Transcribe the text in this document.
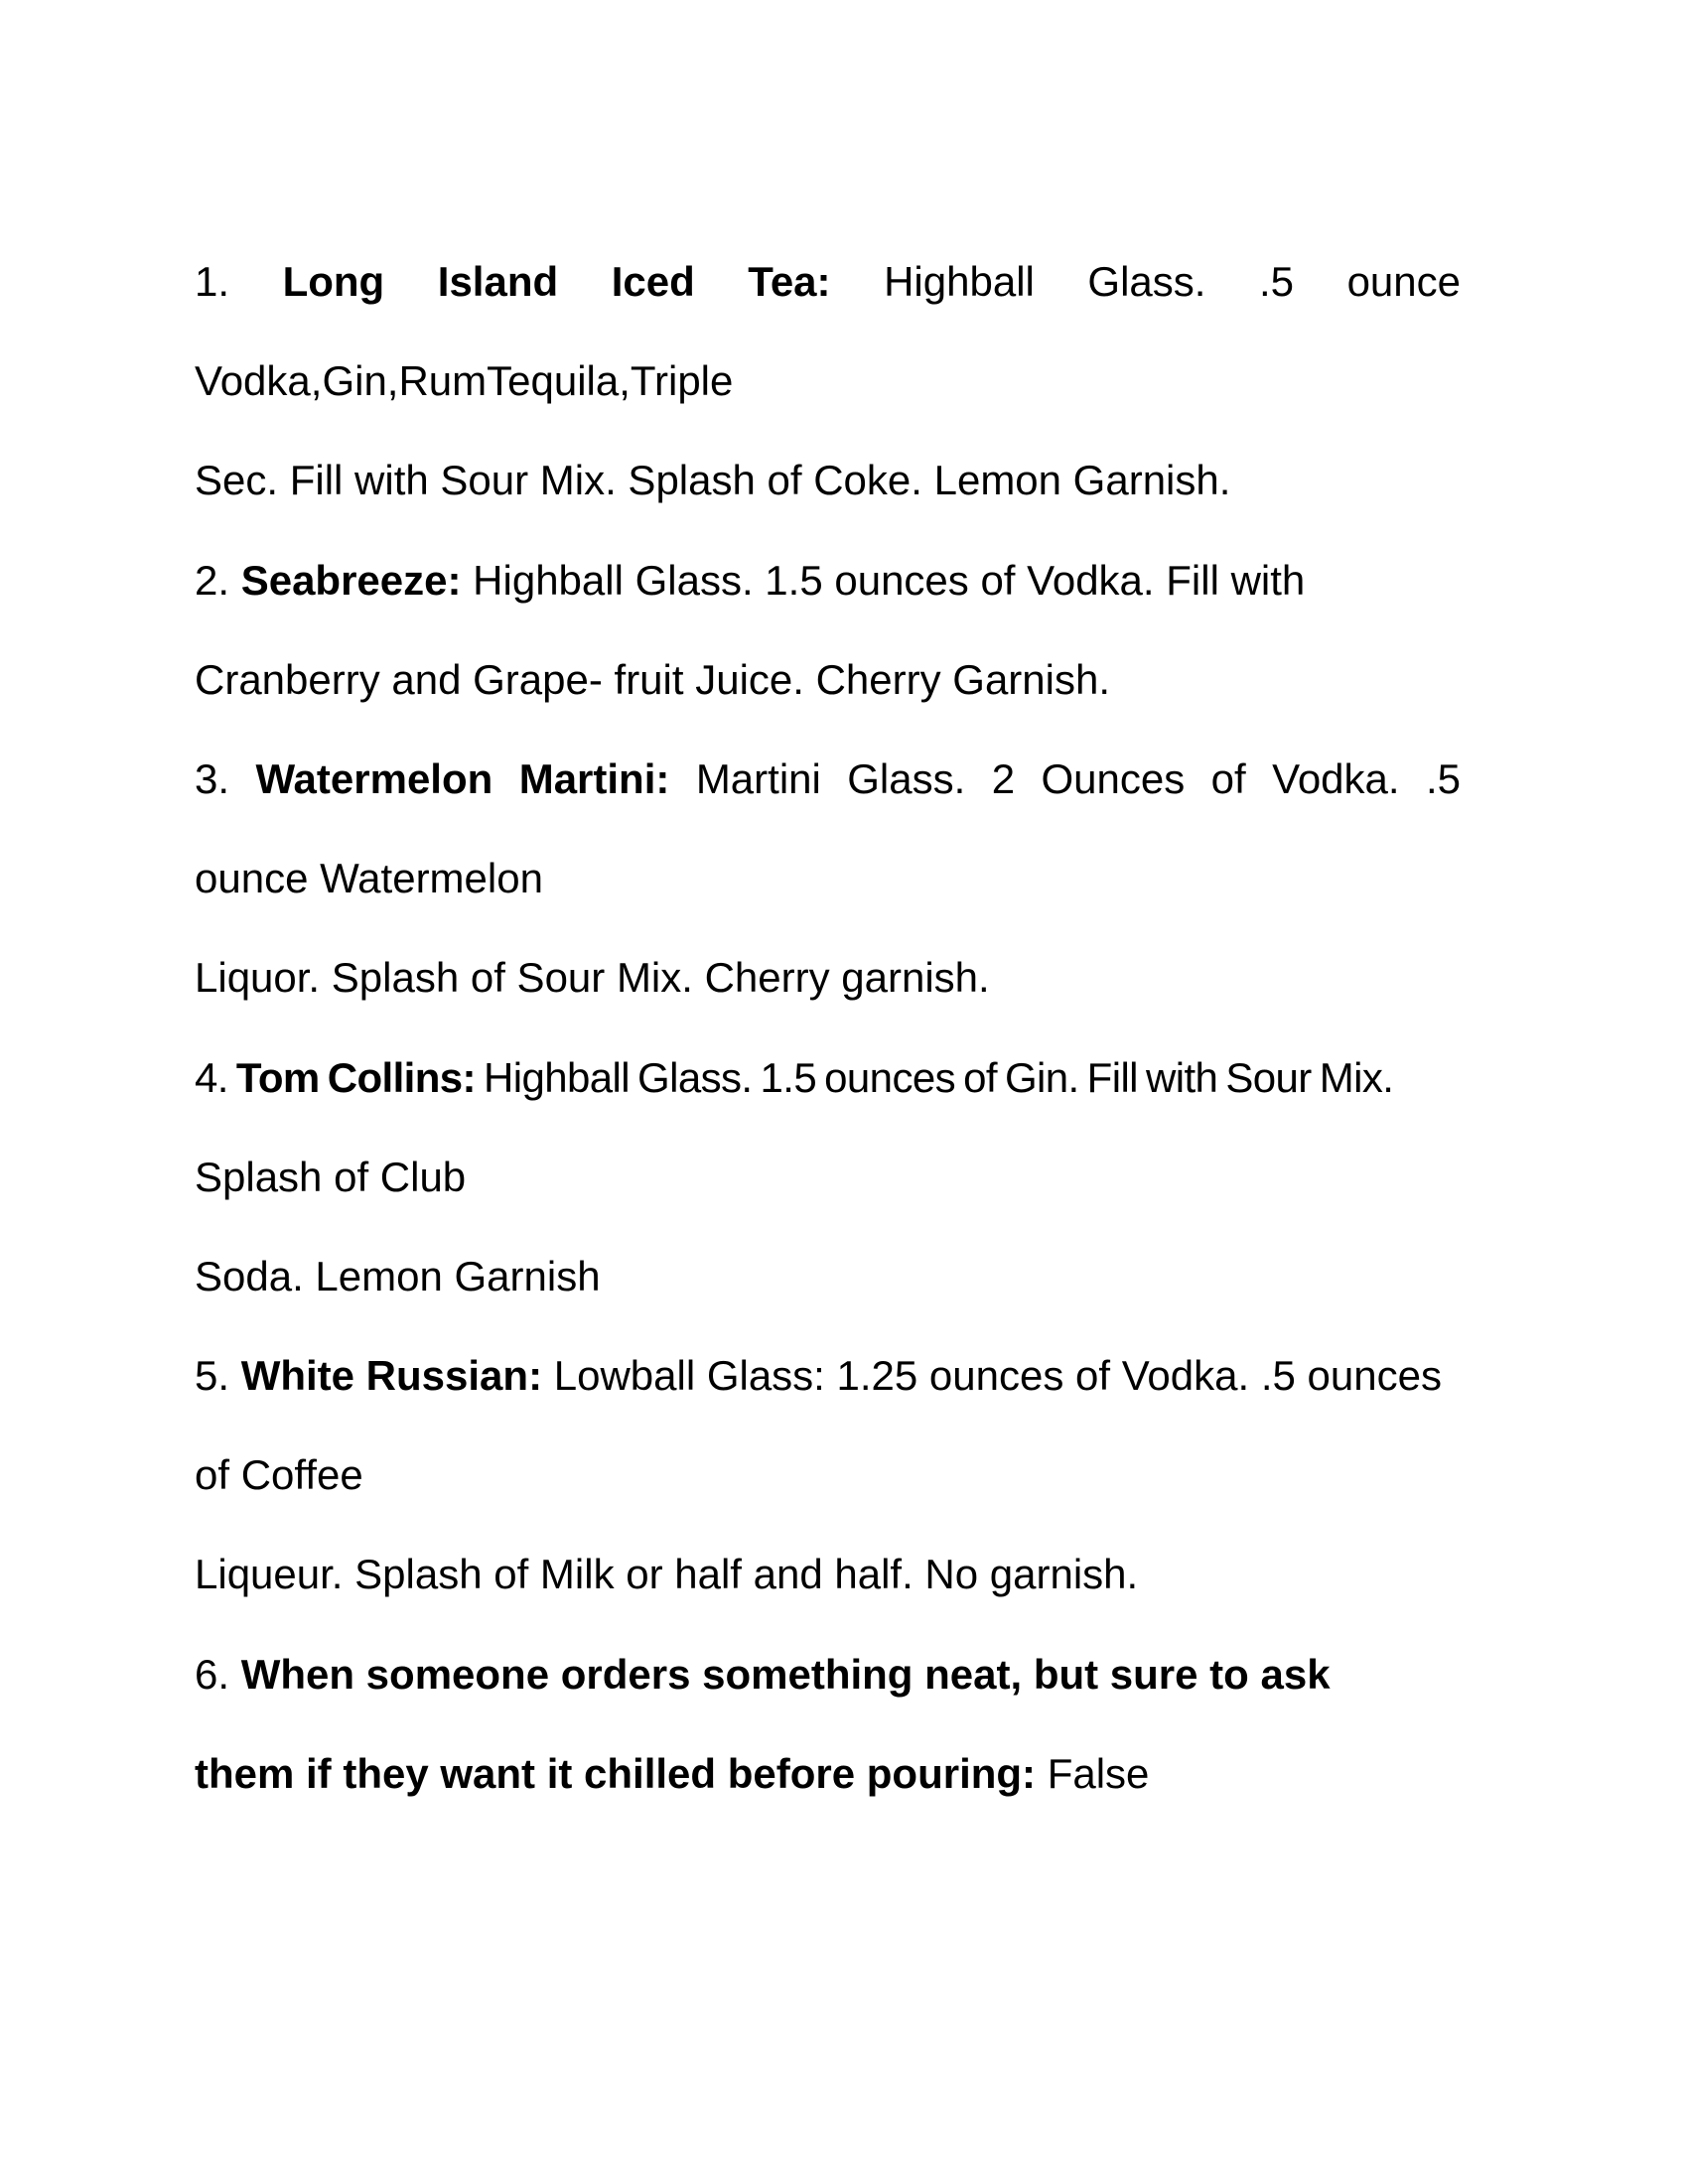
1. Long Island Iced Tea: Highball Glass. .5 ounce
Vodka,Gin,RumTequila,Triple
Sec. Fill with Sour Mix. Splash of Coke. Lemon Garnish.
2. Seabreeze: Highball Glass. 1.5 ounces of Vodka. Fill with
Cranberry and Grape- fruit Juice. Cherry Garnish.
3. Watermelon Martini: Martini Glass. 2 Ounces of Vodka. .5
ounce Watermelon
Liquor. Splash of Sour Mix. Cherry garnish.
4. Tom Collins: Highball Glass. 1.5 ounces of Gin. Fill with Sour Mix.
Splash of Club
Soda. Lemon Garnish
5. White Russian: Lowball Glass: 1.25 ounces of Vodka. .5 ounces
of Coffee
Liqueur. Splash of Milk or half and half. No garnish.
6. When someone orders something neat, but sure to ask
them if they want it chilled before pouring: False
